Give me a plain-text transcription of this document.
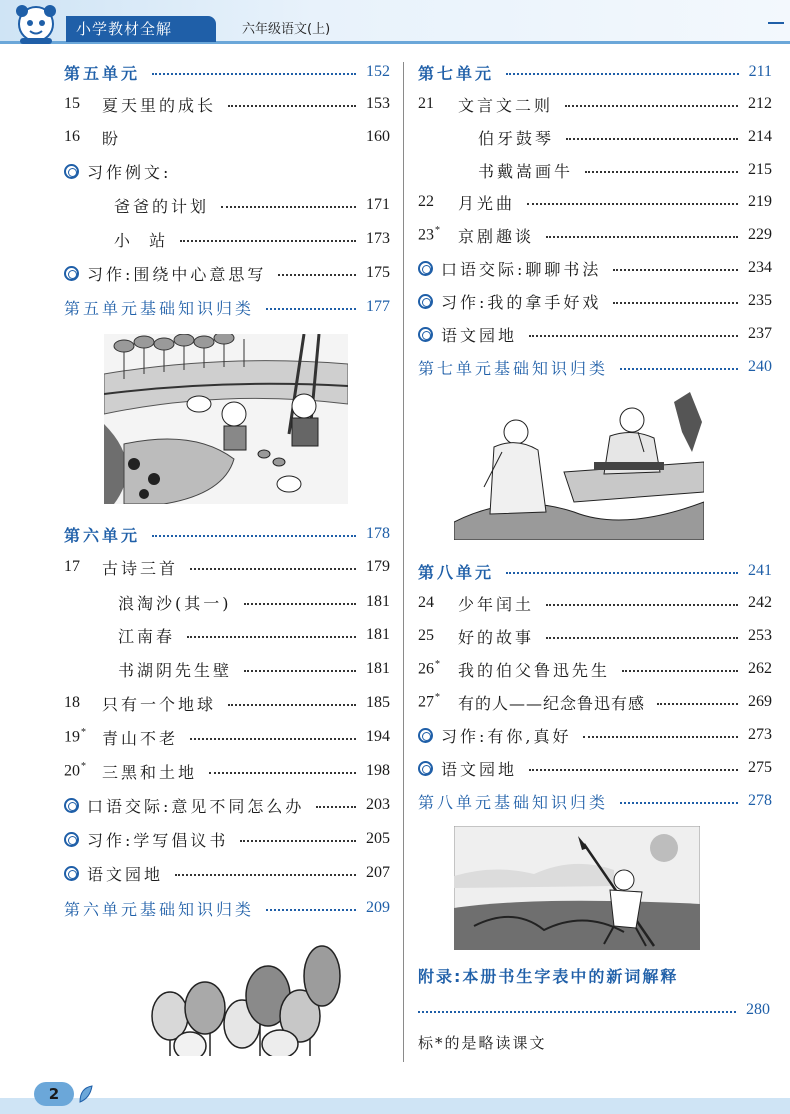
小学教材全解	六年级语文(上)
第五单元	152
15	夏天里的成长	153
16	盼	160
习作例文:
爸爸的计划	171
小  站	173
习作:围绕中心意思写	175
第五单元基础知识归类	177
第六单元	178
17	古诗三首	179
浪淘沙(其一)	181
江南春	181
书湖阴先生壁	181
18	只有一个地球	185
19*	青山不老	194
20*	三黑和土地	198
口语交际:意见不同怎么办	203
习作:学写倡议书	205
语文园地	207
第六单元基础知识归类	209
第七单元	211
21	文言文二则	212
伯牙鼓琴	214
书戴嵩画牛	215
22	月光曲	219
23*	京剧趣谈	229
口语交际:聊聊书法	234
习作:我的拿手好戏	235
语文园地	237
第七单元基础知识归类	240
第八单元	241
24	少年闰土	242
25	好的故事	253
26*	我的伯父鲁迅先生	262
27*	有的人——纪念鲁迅有感	269
习作:有你,真好	273
语文园地	275
第八单元基础知识归类	278
附录:本册书生字表中的新词解释
280
标*的是略读课文
2
